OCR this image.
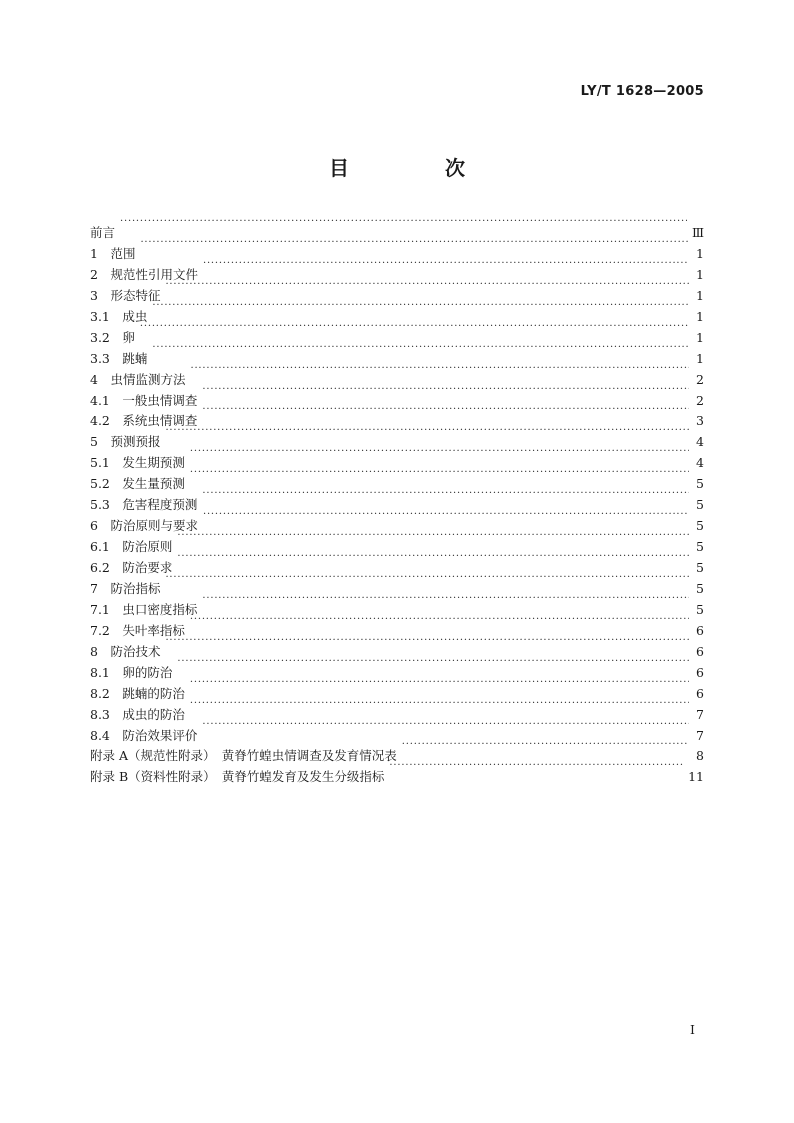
LY/T 1628—2005
目　次
前言 ·····	Ⅲ
1　范围 ·····	1
2　规范性引用文件 ·····	1
3　形态特征 ·····	1
3.1　成虫 ·····	1
3.2　卵 ·····	1
3.3　跳蝻 ·····	1
4　虫情监测方法 ·····	2
4.1　一般虫情调查 ·····	2
4.2　系统虫情调查 ·····	3
5　预测预报 ·····	4
5.1　发生期预测 ·····	4
5.2　发生量预测 ·····	5
5.3　危害程度预测 ·····	5
6　防治原则与要求 ·····	5
6.1　防治原则 ·····	5
6.2　防治要求 ·····	5
7　防治指标 ·····	5
7.1　虫口密度指标 ·····	5
7.2　失叶率指标 ·····	6
8　防治技术 ·····	6
8.1　卵的防治 ·····	6
8.2　跳蝻的防治 ·····	6
8.3　成虫的防治 ·····	7
8.4　防治效果评价 ·····	7
附录 A（规范性附录）　黄脊竹蝗虫情调查及发育情况表 ·····	8
附录 B（资料性附录）　黄脊竹蝗发育及发生分级指标 ·····	11
I
